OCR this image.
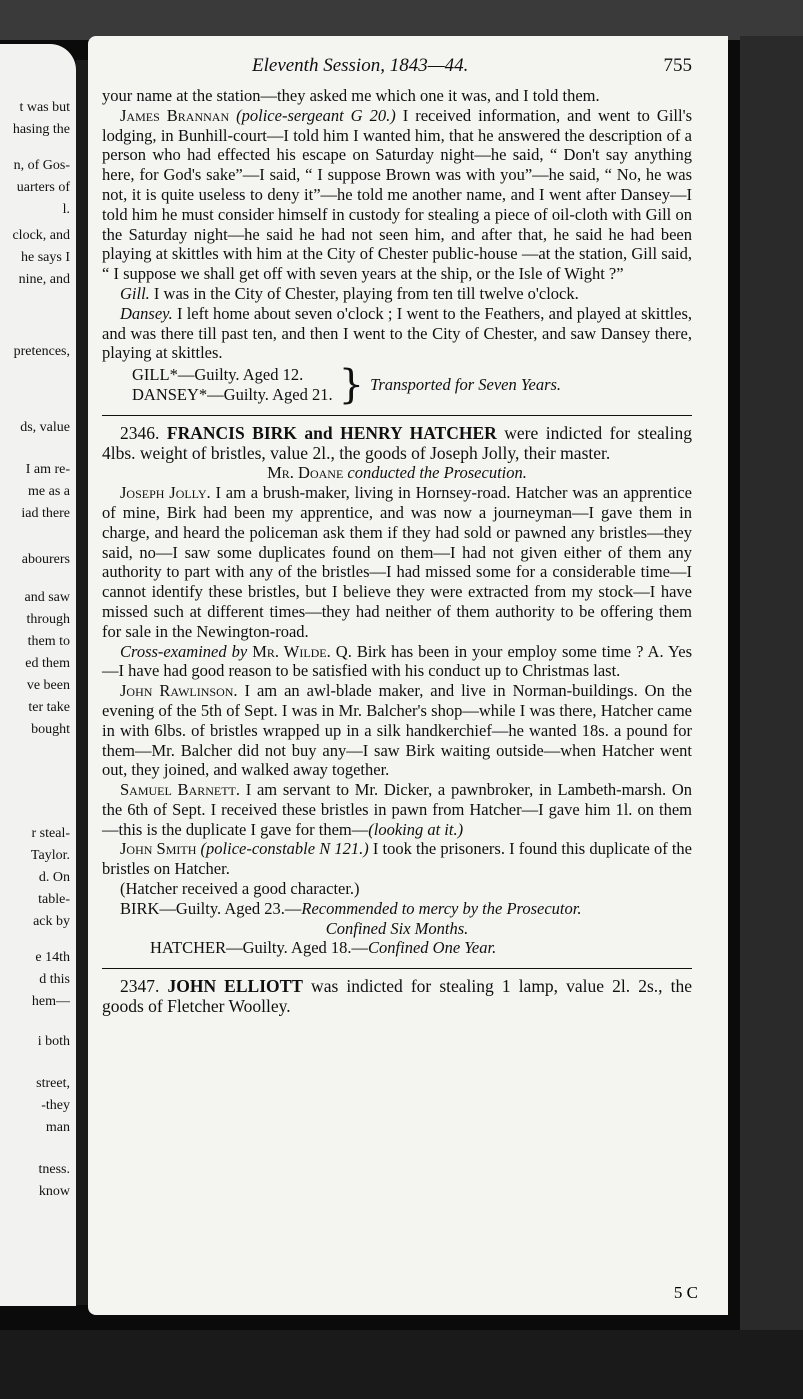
t was but
hasing the
n, of Gos-
uarters of
l.
clock, and
he says I
nine, and
pretences,
ds, value
I am re-
me as a
iad there
abourers
and saw
through
them to
ed them
ve been
ter take
bought
r steal-
Taylor.
d. On
table-
ack by
e 14th
d this
hem—
i both
street,
-they
man
tness.
know
Eleventh Session, 1843—44.	755

your name at the station—they asked me which one it was, and I told them.

James Brannan (police-sergeant G 20.) I received information, and went to Gill's lodging, in Bunhill-court—I told him I wanted him, that he answered the description of a person who had effected his escape on Saturday night—he said, “ Don't say anything here, for God's sake”—I said, “ I suppose Brown was with you”—he said, “ No, he was not, it is quite useless to deny it”—he told me another name, and I went after Dansey—I told him he must consider himself in custody for stealing a piece of oil-cloth with Gill on the Saturday night—he said he had not seen him, and after that, he said he had been playing at skittles with him at the City of Chester public-house —at the station, Gill said, “ I suppose we shall get off with seven years at the ship, or the Isle of Wight ?”

Gill. I was in the City of Chester, playing from ten till twelve o'clock.

Dansey. I left home about seven o'clock ; I went to the Feathers, and played at skittles, and was there till past ten, and then I went to the City of Chester, and saw Dansey there, playing at skittles.

GILL*—Guilty. Aged 12.
DANSEY*—Guilty. Aged 21. } Transported for Seven Years.

2346. FRANCIS BIRK and HENRY HATCHER were indicted for stealing 4lbs. weight of bristles, value 2l., the goods of Joseph Jolly, their master.

Mr. Doane conducted the Prosecution.

Joseph Jolly. I am a brush-maker, living in Hornsey-road. Hatcher was an apprentice of mine, Birk had been my apprentice, and was now a journeyman—I gave them in charge, and heard the policeman ask them if they had sold or pawned any bristles—they said, no—I saw some duplicates found on them—I had not given either of them any authority to part with any of the bristles—I had missed some for a considerable time—I cannot identify these bristles, but I believe they were extracted from my stock—I have missed such at different times—they had neither of them authority to be offering them for sale in the Newington-road.

Cross-examined by Mr. Wilde. Q. Birk has been in your employ some time ? A. Yes—I have had good reason to be satisfied with his conduct up to Christmas last.

John Rawlinson. I am an awl-blade maker, and live in Norman-buildings. On the evening of the 5th of Sept. I was in Mr. Balcher's shop—while I was there, Hatcher came in with 6lbs. of bristles wrapped up in a silk handkerchief—he wanted 18s. a pound for them—Mr. Balcher did not buy any—I saw Birk waiting outside—when Hatcher went out, they joined, and walked away together.

Samuel Barnett. I am servant to Mr. Dicker, a pawnbroker, in Lambeth-marsh. On the 6th of Sept. I received these bristles in pawn from Hatcher—I gave him 1l. on them—this is the duplicate I gave for them—(looking at it.)

John Smith (police-constable N 121.) I took the prisoners. I found this duplicate of the bristles on Hatcher.

(Hatcher received a good character.)

BIRK—Guilty. Aged 23.—Recommended to mercy by the Prosecutor.

Confined Six Months.

HATCHER—Guilty. Aged 18.—Confined One Year.

2347. JOHN ELLIOTT was indicted for stealing 1 lamp, value 2l. 2s., the goods of Fletcher Woolley.

5 C
